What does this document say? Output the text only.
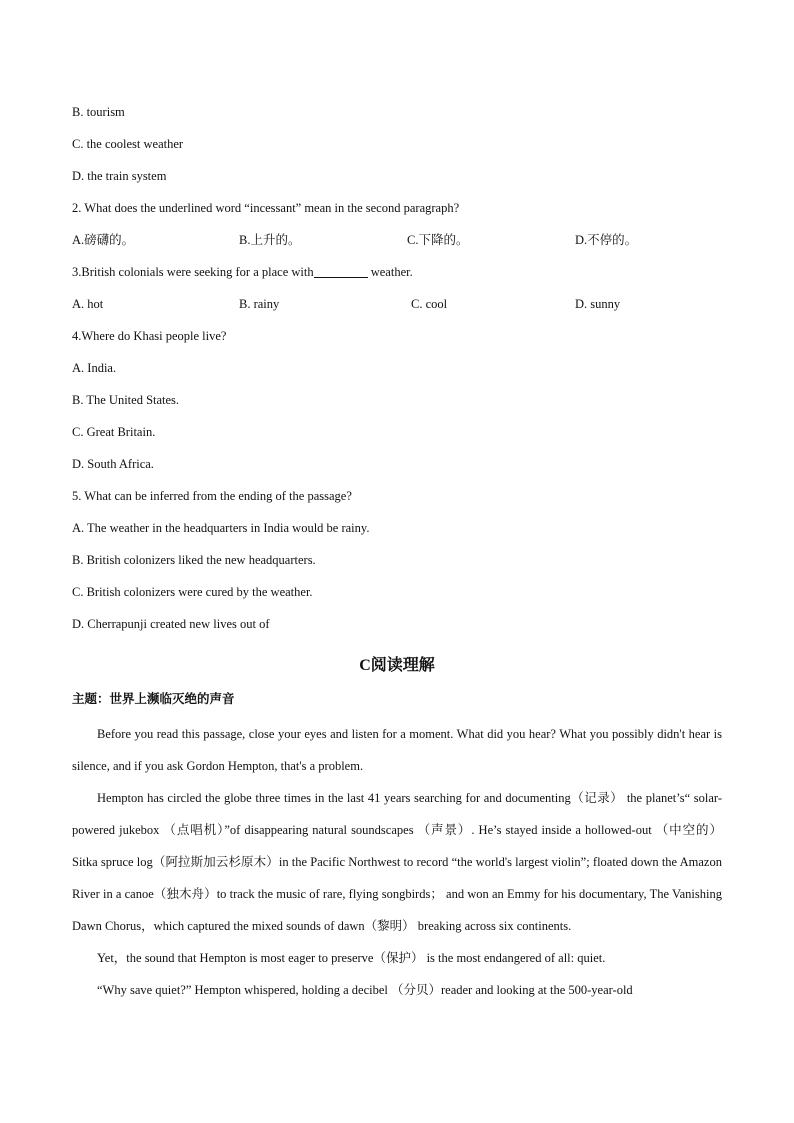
B. tourism
C. the coolest weather
D. the train system
2. What does the underlined word “incessant” mean in the second paragraph?
A.磅礴的。	B.上升的。	C.下降的。	D.不停的。
3.British colonials were seeking for a place with	weather.
A. hot	B. rainy	C. cool	D. sunny
4.Where do Khasi people live?
A. India.
B. The United States.
C. Great Britain.
D. South Africa.
5. What can be inferred from the ending of the passage?
A. The weather in the headquarters in India would be rainy.
B. British colonizers liked the new headquarters.
C. British colonizers were cured by the weather.
D. Cherrapunji created new lives out of
C阅读理解
主题：世界上濒临灭绝的声音

Before you read this passage, close your eyes and listen for a moment. What did you hear? What you possibly didn't hear is silence, and if you ask Gordon Hempton, that's a problem.

Hempton has circled the globe three times in the last 41 years searching for and documenting（记录） the planet’s“ solar-powered jukebox （点唱机）”of disappearing natural soundscapes （声景）. He’s stayed inside a hollowed-out （中空的） Sitka spruce log（阿拉斯加云杉原木）in the Pacific Northwest to record “the world's largest violin”; floated down the Amazon River in a canoe（独木舟）to track the music of rare, flying songbirds； and won an Emmy for his documentary, The Vanishing Dawn Chorus，which captured the mixed sounds of dawn（黎明） breaking across six continents.

Yet，the sound that Hempton is most eager to preserve（保护） is the most endangered of all: quiet.

“Why save quiet?” Hempton whispered, holding a decibel （分贝）reader and looking at the 500-year-old
